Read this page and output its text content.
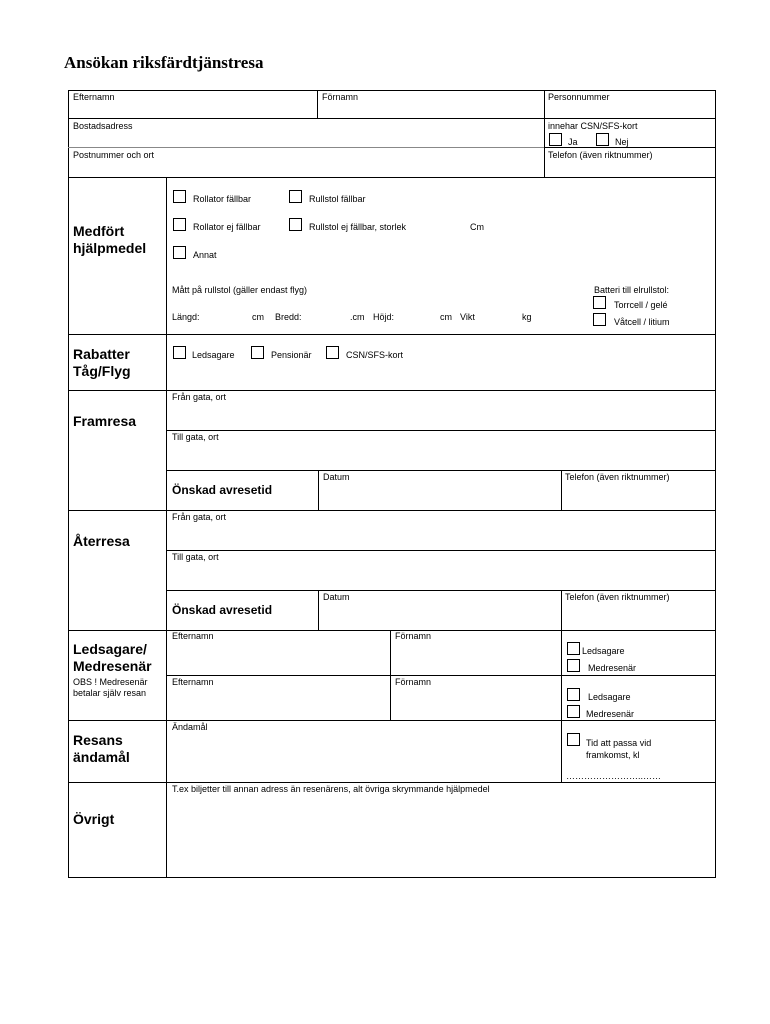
Ansökan riksfärdtjänstresa
Efternamn	Förnamn	Personnummer
Bostadsadress	innehar CSN/SFS-kort
Ja	Nej
Postnummer och ort	Telefon (även riktnummer)
Medfört hjälpmedel
Rollator fällbar	Rullstol fällbar
Rollator ej fällbar	Rullstol ej fällbar, storlek	Cm
Annat
Mått på rullstol (gäller endast flyg)
Längd:	cm Bredd:	.cm Höjd:	cm Vikt	kg
Batteri till elrullstol:
Torrcell / gelé
Våtcell / litium
Rabatter Tåg/Flyg
Ledsagare	Pensionär	CSN/SFS-kort
Framresa
Från gata, ort
Till gata, ort
Önskad avresetid
Datum	Telefon (även riktnummer)
Återresa
Från gata, ort
Till gata, ort
Önskad avresetid
Datum	Telefon (även riktnummer)
Ledsagare/ Medresenär
OBS ! Medresenär betalar själv resan
Efternamn	Förnamn
Ledsagare
Medresenär
Efternamn	Förnamn
Ledsagare
Medresenär
Resans ändamål
Ändamål
Tid att passa vid framkomst, kl
……………………..……
Övrigt
T.ex biljetter till annan adress än resenärens, alt övriga skrymmande hjälpmedel
